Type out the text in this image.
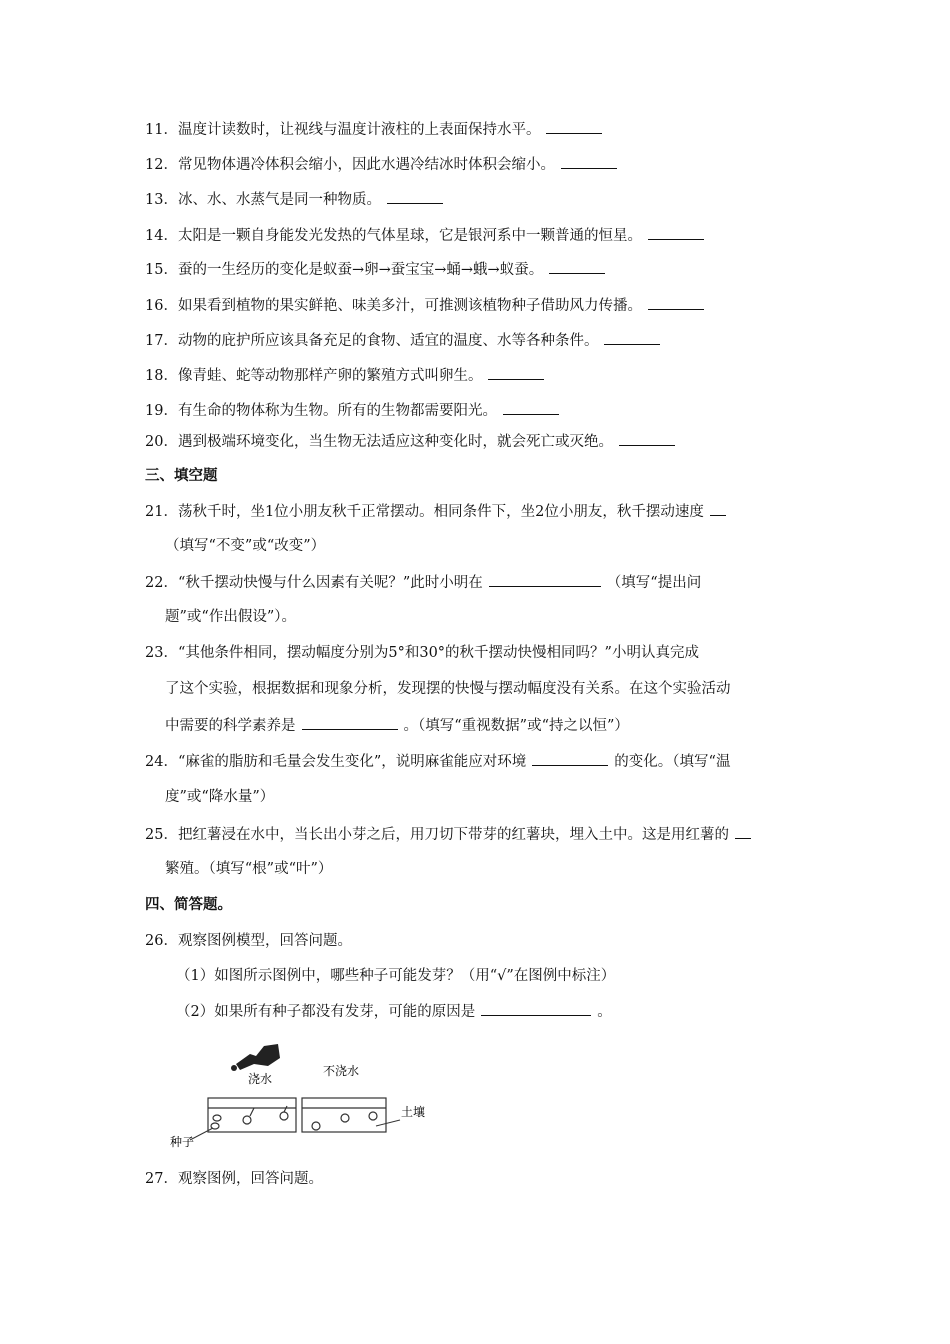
11．温度计读数时，让视线与温度计液柱的上表面保持水平。
12．常见物体遇冷体积会缩小，因此水遇冷结冰时体积会缩小。
13．冰、水、水蒸气是同一种物质。
14．太阳是一颗自身能发光发热的气体星球，它是银河系中一颗普通的恒星。
15．蚕的一生经历的变化是蚁蚕→卵→蚕宝宝→蛹→蛾→蚁蚕。
16．如果看到植物的果实鲜艳、味美多汁，可推测该植物种子借助风力传播。
17．动物的庇护所应该具备充足的食物、适宜的温度、水等各种条件。
18．像青蛙、蛇等动物那样产卵的繁殖方式叫卵生。
19．有生命的物体称为生物。所有的生物都需要阳光。
20．遇到极端环境变化，当生物无法适应这种变化时，就会死亡或灭绝。
三、填空题
21．荡秋千时，坐1位小朋友秋千正常摆动。相同条件下，坐2位小朋友，秋千摆动速度
（填写“不变”或“改变”）
22．“秋千摆动快慢与什么因素有关呢？”此时小明在	（填写“提出问
题”或“作出假设”）。
23．“其他条件相同，摆动幅度分别为5°和30°的秋千摆动快慢相同吗？”小明认真完成
了这个实验，根据数据和现象分析，发现摆的快慢与摆动幅度没有关系。在这个实验活动
中需要的科学素养是	。（填写“重视数据”或“持之以恒”）
24．“麻雀的脂肪和毛量会发生变化”，说明麻雀能应对环境	的变化。（填写“温
度”或“降水量”）
25．把红薯浸在水中，当长出小芽之后，用刀切下带芽的红薯块，埋入土中。这是用红薯的
繁殖。（填写“根”或“叶”）
四、简答题。
26．观察图例模型，回答问题。
（1）如图所示图例中，哪些种子可能发芽？（用“√”在图例中标注）
（2）如果所有种子都没有发芽，可能的原因是	。
浇水
不浇水
土壤
种子
27．观察图例，回答问题。
